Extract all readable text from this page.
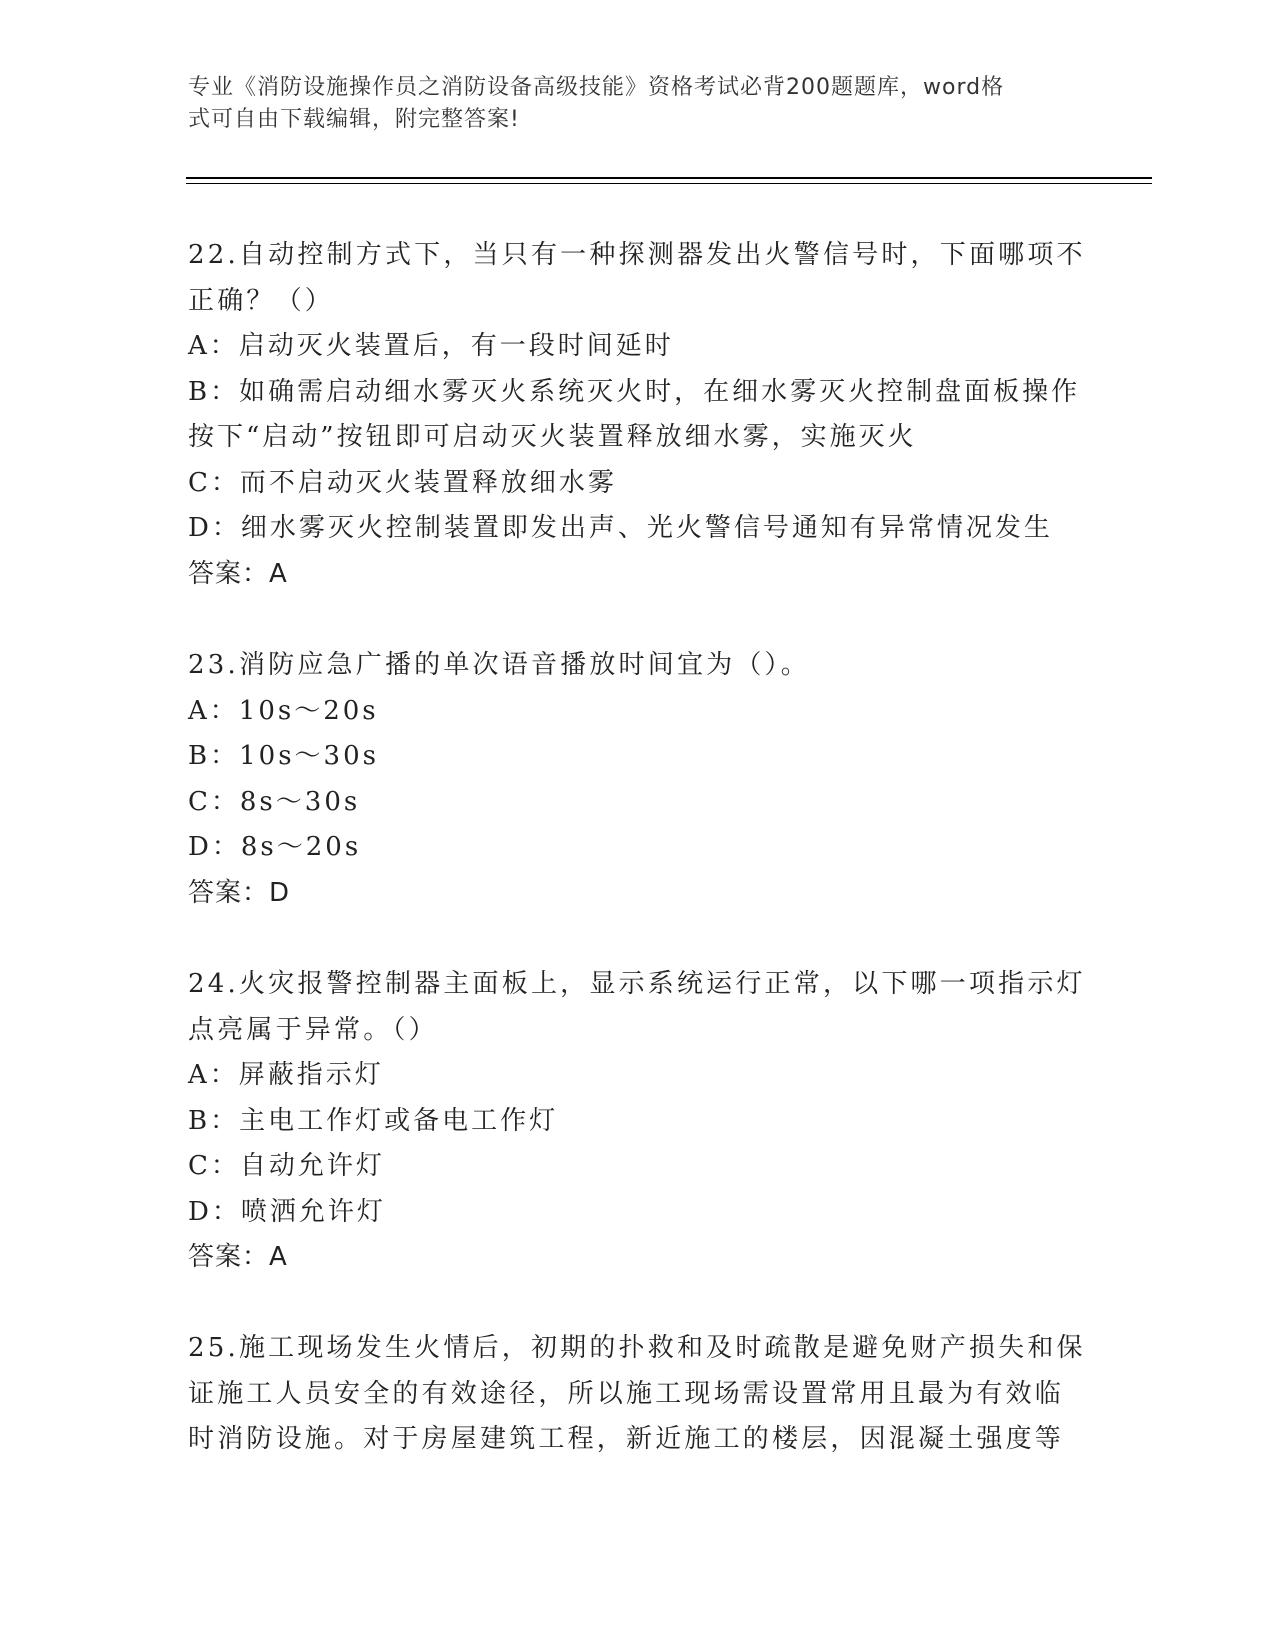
专业《消防设施操作员之消防设备高级技能》资格考试必背200题题库，word格
式可自由下载编辑，附完整答案!
22.自动控制方式下，当只有一种探测器发出火警信号时，下面哪项不
正确？（）
A：启动灭火装置后，有一段时间延时
B：如确需启动细水雾灭火系统灭火时，在细水雾灭火控制盘面板操作
按下“启动”按钮即可启动灭火装置释放细水雾，实施灭火
C：而不启动灭火装置释放细水雾
D：细水雾灭火控制装置即发出声、光火警信号通知有异常情况发生
答案：A
23.消防应急广播的单次语音播放时间宜为（）。
A：10s～20s
B：10s～30s
C：8s～30s
D：8s～20s
答案：D
24.火灾报警控制器主面板上，显示系统运行正常，以下哪一项指示灯
点亮属于异常。（）
A：屏蔽指示灯
B：主电工作灯或备电工作灯
C：自动允许灯
D：喷洒允许灯
答案：A
25.施工现场发生火情后，初期的扑救和及时疏散是避免财产损失和保
证施工人员安全的有效途径，所以施工现场需设置常用且最为有效临
时消防设施。对于房屋建筑工程，新近施工的楼层，因混凝土强度等
